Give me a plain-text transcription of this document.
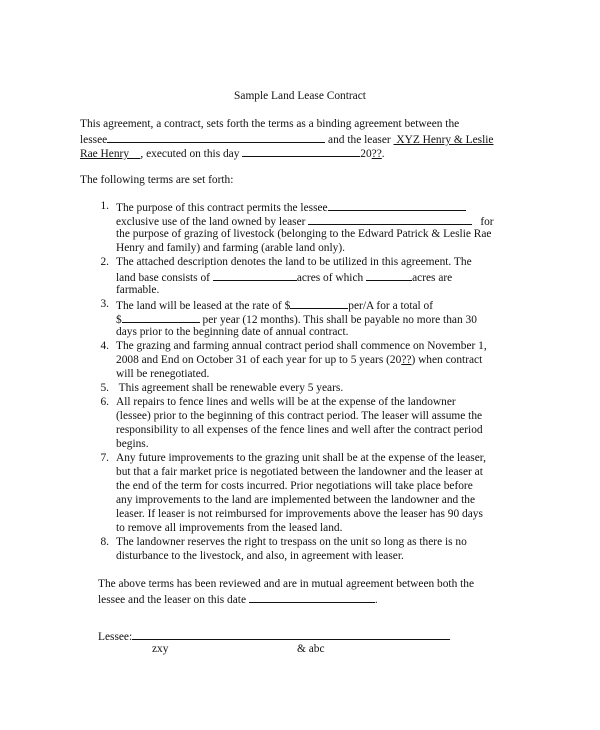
Sample Land Lease Contract
This agreement, a contract, sets forth the terms as a binding agreement between the
lessee	and the leaser  XYZ Henry & Leslie
Rae Henry    , executed on this day	20??.
The following terms are set forth:
1. The purpose of this contract permits the lessee
exclusive use of the land owned by leaser	for
the purpose of grazing of livestock (belonging to the Edward Patrick & Leslie Rae
Henry and family) and farming (arable land only).
2. The attached description denotes the land to be utilized in this agreement. The
land base consists of	acres of which	acres are
farmable.
3. The land will be leased at the rate of $	per/A for a total of
$	per year (12 months). This shall be payable no more than 30
days prior to the beginning date of annual contract.
4. The grazing and farming annual contract period shall commence on November 1,
2008 and End on October 31 of each year for up to 5 years (20??) when contract
will be renegotiated.
5. This agreement shall be renewable every 5 years.
6. All repairs to fence lines and wells will be at the expense of the landowner
(lessee) prior to the beginning of this contract period. The leaser will assume the
responsibility to all expenses of the fence lines and well after the contract period
begins.
7. Any future improvements to the grazing unit shall be at the expense of the leaser,
but that a fair market price is negotiated between the landowner and the leaser at
the end of the term for costs incurred. Prior negotiations will take place before
any improvements to the land are implemented between the landowner and the
leaser. If leaser is not reimbursed for improvements above the leaser has 90 days
to remove all improvements from the leased land.
8. The landowner reserves the right to trespass on the unit so long as there is no
disturbance to the livestock, and also, in agreement with leaser.
The above terms has been reviewed and are in mutual agreement between both the
lessee and the leaser on this date	.
Lessee:
zxy	& abc
